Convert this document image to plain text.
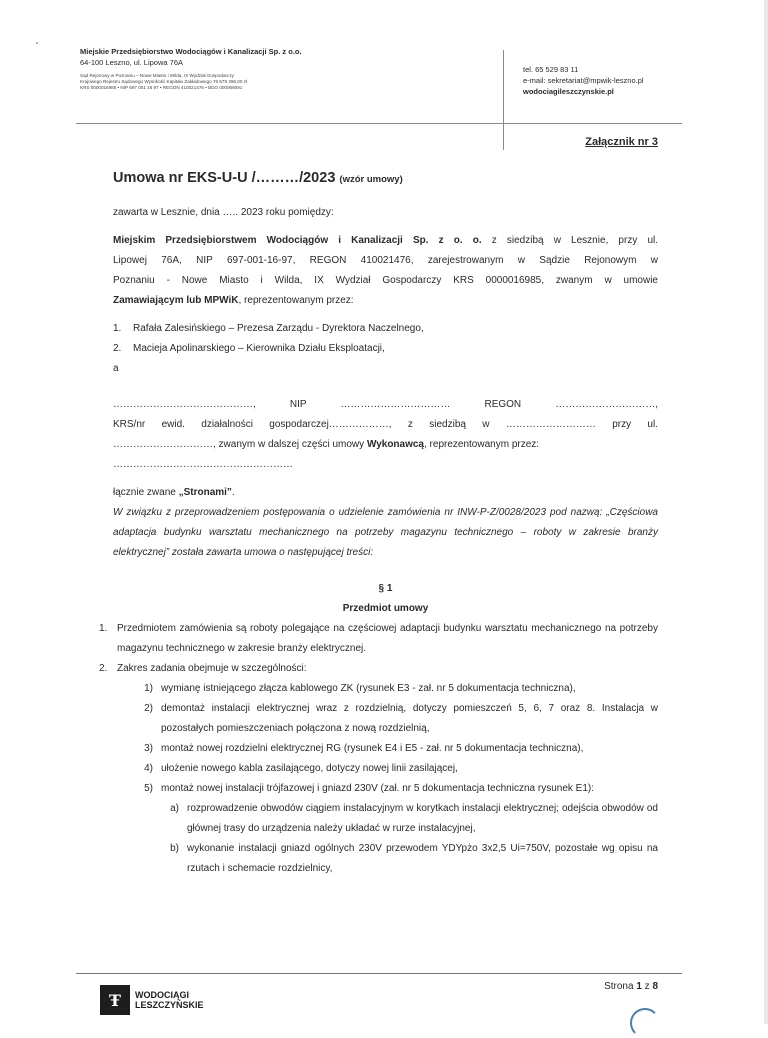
Miejskie Przedsiębiorstwo Wodociągów i Kanalizacji Sp. z o.o.
64-100 Leszno, ul. Lipowa 76A
Sąd Rejonowy w Poznaniu – Nowe Miasto i Wilda, IX Wydział Gospodarczy
Krajowego Rejestru Sądowego Wysokość Kapitału Zakładowego 76 579 296,00 zł
KRS 0000016985 • NIP 697 001 16 97 • REGON 410021476 • BDO 000068091
tel. 65 529 83 11
e-mail: sekretariat@mpwik-leszno.pl
wodociagileszczynskie.pl
Załącznik nr 3
Umowa nr EKS-U-U /………/2023 (wzór umowy)

zawarta w Lesznie, dnia ….. 2023 roku pomiędzy:

Miejskim Przedsiębiorstwem Wodociągów i Kanalizacji Sp. z o. o. z siedzibą w Lesznie, przy ul.
Lipowej 76A, NIP 697-001-16-97, REGON 410021476, zarejestrowanym w Sądzie Rejonowym w
Poznaniu - Nowe Miasto i Wilda, IX Wydział Gospodarczy KRS 0000016985, zwanym w umowie
Zamawiającym lub MPWiK, reprezentowanym przez:
1.	Rafała Zalesińskiego – Prezesa Zarządu - Dyrektora Naczelnego,
2.	Macieja Apolinarskiego – Kierownika Działu Eksploatacji,
a
……………………………………, NIP …………………………… REGON …………………………,
KRS/nr ewid. działalności gospodarczej………………, z siedzibą w ……………………… przy ul.
…………………………, zwanym w dalszej części umowy Wykonawcą, reprezentowanym przez:
………………………………………………
łącznie zwane „Stronami”.

W związku z przeprowadzeniem postępowania o udzielenie zamówienia nr INW-P-Z/0028/2023 pod nazwą: „Częściowa adaptacja budynku warsztatu mechanicznego na potrzeby magazynu technicznego – roboty w zakresie branży elektrycznej” została zawarta umowa o następującej treści:

§ 1
Przedmiot umowy
1. Przedmiotem zamówienia są roboty polegające na częściowej adaptacji budynku warsztatu mechanicznego na potrzeby magazynu technicznego w zakresie branży elektrycznej.
2. Zakres zadania obejmuje w szczególności:
1) wymianę istniejącego złącza kablowego ZK (rysunek E3 - zał. nr 5 dokumentacja techniczna),
2) demontaż instalacji elektrycznej wraz z rozdzielnią, dotyczy pomieszczeń 5, 6, 7 oraz 8. Instalacja w pozostałych pomieszczeniach połączona z nową rozdzielnią,
3) montaż nowej rozdzielni elektrycznej RG (rysunek E4 i E5 - zał. nr 5 dokumentacja techniczna),
4) ułożenie nowego kabla zasilającego, dotyczy nowej linii zasilającej,
5) montaż nowej instalacji trójfazowej i gniazd 230V (zał. nr 5 dokumentacja techniczna rysunek E1):
a) rozprowadzenie obwodów ciągiem instalacyjnym w korytkach instalacji elektrycznej; odejścia obwodów od głównej trasy do urządzenia należy układać w rurze instalacyjnej,
b) wykonanie instalacji gniazd ogólnych 230V przewodem YDYpżo 3x2,5 Ui=750V, pozostałe wg opisu na rzutach i schemacie rozdzielnicy,
Strona 1 z 8
Ŧ	WODOCIĄGI
LESZCZYŃSKIE
